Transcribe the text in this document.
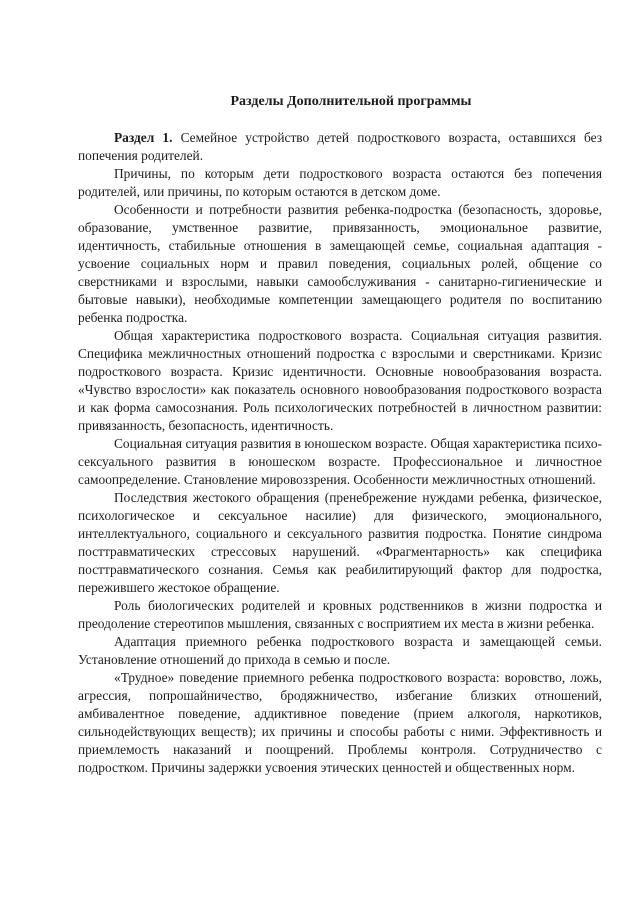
Разделы Дополнительной программы

Раздел 1. Семейное устройство детей подросткового возраста, оставшихся без попечения родителей.

Причины, по которым дети подросткового возраста остаются без попечения родителей, или причины, по которым остаются в детском доме.

Особенности и потребности развития ребенка-подростка (безопасность, здоровье, образование, умственное развитие, привязанность, эмоциональное развитие, идентичность, стабильные отношения в замещающей семье, социальная адаптация - усвоение социальных норм и правил поведения, социальных ролей, общение со сверстниками и взрослыми, навыки самообслуживания - санитарно-гигиенические и бытовые навыки), необходимые компетенции замещающего родителя по воспитанию ребенка подростка.

Общая характеристика подросткового возраста. Социальная ситуация развития. Специфика межличностных отношений подростка с взрослыми и сверстниками. Кризис подросткового возраста. Кризис идентичности. Основные новообразования возраста. «Чувство взрослости» как показатель основного новообразования подросткового возраста и как форма самосознания. Роль психологических потребностей в личностном развитии: привязанность, безопасность, идентичность.

Социальная ситуация развития в юношеском возрасте. Общая характеристика психо-сексуального развития в юношеском возрасте. Профессиональное и личностное самоопределение. Становление мировоззрения. Особенности межличностных отношений.

Последствия жестокого обращения (пренебрежение нуждами ребенка, физическое, психологическое и сексуальное насилие) для физического, эмоционального, интеллектуального, социального и сексуального развития подростка. Понятие синдрома посттравматических стрессовых нарушений. «Фрагментарность» как специфика посттравматического сознания. Семья как реабилитирующий фактор для подростка, пережившего жестокое обращение.

Роль биологических родителей и кровных родственников в жизни подростка и преодоление стереотипов мышления, связанных с восприятием их места в жизни ребенка.

Адаптация приемного ребенка подросткового возраста и замещающей семьи. Установление отношений до прихода в семью и после.

«Трудное» поведение приемного ребенка подросткового возраста: воровство, ложь, агрессия, попрошайничество, бродяжничество, избегание близких отношений, амбивалентное поведение, аддиктивное поведение (прием алкоголя, наркотиков, сильнодействующих веществ); их причины и способы работы с ними. Эффективность и приемлемость наказаний и поощрений. Проблемы контроля. Сотрудничество с подростком. Причины задержки усвоения этических ценностей и общественных норм.
